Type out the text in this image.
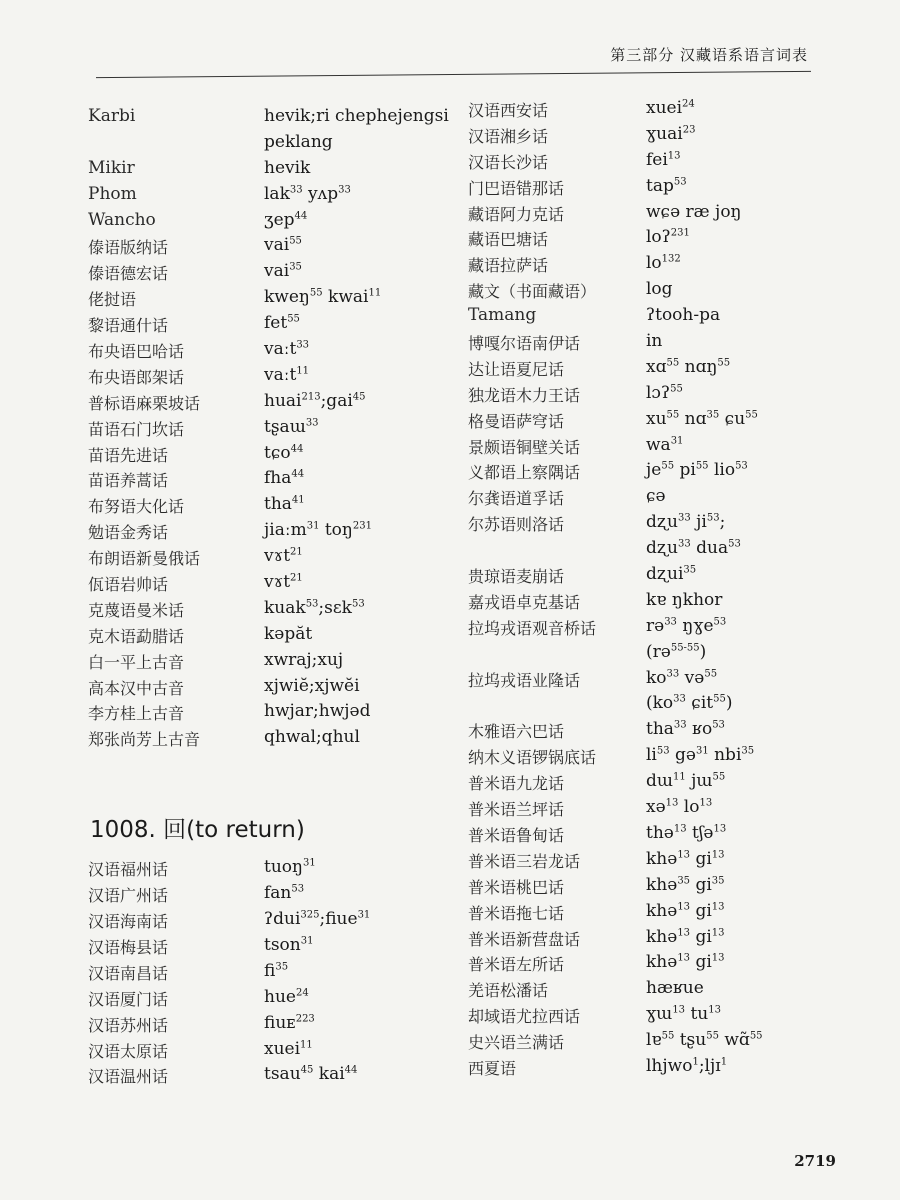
第三部分 汉藏语系语言词表
Karbi	hevik;ri chephejengsi
peklang
Mikir	hevik
Phom	lak$^{33}$ yʌp$^{33}$
Wancho	ʒep$^{44}$
傣语版纳话	vai$^{55}$
傣语德宏话	vai$^{35}$
佬挝语	kweŋ$^{55}$ kwai$^{11}$
黎语通什话	fet$^{55}$
布央语巴哈话	vaːt$^{33}$
布央语郎架话	vaːt$^{11}$
普标语麻栗坡话	huai$^{213}$;gai$^{45}$
苗语石门坎话	tʂaɯ$^{33}$
苗语先进话	tɕo$^{44}$
苗语养蒿话	fha$^{44}$
布努语大化话	tha$^{41}$
勉语金秀话	jiaːm$^{31}$ toŋ$^{231}$
布朗语新曼俄话	vɤt$^{21}$
佤语岩帅话	vɤt$^{21}$
克蔑语曼米话	kuak$^{53}$;sɛk$^{53}$
克木语勐腊话	kəpăt
白一平上古音	xwraj;xuj
高本汉中古音	xjwiĕ;xjwĕi
李方桂上古音	hwjar;hwjəd
郑张尚芳上古音	qhwal;qhul
1008. 回(to return)
汉语福州话	tuoŋ$^{31}$
汉语广州话	fan$^{53}$
汉语海南话	ʔdui$^{325}$;fiue$^{31}$
汉语梅县话	tson$^{31}$
汉语南昌话	$fi^{35}$
汉语厦门话	hue$^{24}$
汉语苏州话	fiuᴇ$^{223}$
汉语太原话	xuei$^{11}$
汉语温州话	tsau$^{45}$ kai$^{44}$
汉语西安话	xuei$^{24}$
汉语湘乡话	ɣuai$^{23}$
汉语长沙话	fei$^{13}$
门巴语错那话	tap$^{53}$
藏语阿力克话	wɕə ræ joŋ
藏语巴塘话	loʔ$^{231}$
藏语拉萨话	$lo^{132}$
藏文（书面藏语）	log
Tamang	ʔtooh-pa
博嘎尔语南伊话	in
达让语夏尼话	xɑ$^{55}$ nɑŋ$^{55}$
独龙语木力王话	lɔʔ$^{55}$
格曼语萨穹话	$xu^{55}$ nɑ$^{35}$ ɕu$^{55}$
景颇语铜壁关话	$wa^{31}$
义都语上察隅话	$je^{55}$ $pi^{55}$ lio$^{53}$
尔龚语道孚话	ɕə
尔苏语则洛话	dʐu$^{33}$ $ji^{53}$;
dʐu$^{33}$ dua$^{53}$
贵琼语麦崩话	dʐui$^{35}$
嘉戎语卓克基话	kɐ ŋkhor
拉坞戎语观音桥话	rə$^{33}$ ŋɣe$^{53}$
(rə$^{55-55}$)
拉坞戎语业隆话	$ko^{33}$ və$^{55}$
($ko^{33}$ ɕit$^{55}$)
木雅语六巴话	tha$^{33}$ ʁo$^{53}$
纳木义语锣锅底话	$li^{53}$ gə$^{31}$ nbi$^{35}$
普米语九龙话	dɯ$^{11}$ jɯ$^{55}$
普米语兰坪话	xə$^{13}$ $lo^{13}$
普米语鲁甸话	thə$^{13}$ tʃə$^{13}$
普米语三岩龙话	khə$^{13}$ $gi^{13}$
普米语桃巴话	khə$^{35}$ $gi^{35}$
普米语拖七话	khə$^{13}$ $gi^{13}$
普米语新营盘话	khə$^{13}$ $gi^{13}$
普米语左所话	khə$^{13}$ $gi^{13}$
羌语松潘话	hæʁue
却域语尤拉西话	ɣɯ$^{13}$ $tu^{13}$
史兴语兰满话	lɐ$^{55}$ tʂu$^{55}$ wɑ̃$^{55}$
西夏语	lhjwo$^1$;ljɪ$^1$
2719
